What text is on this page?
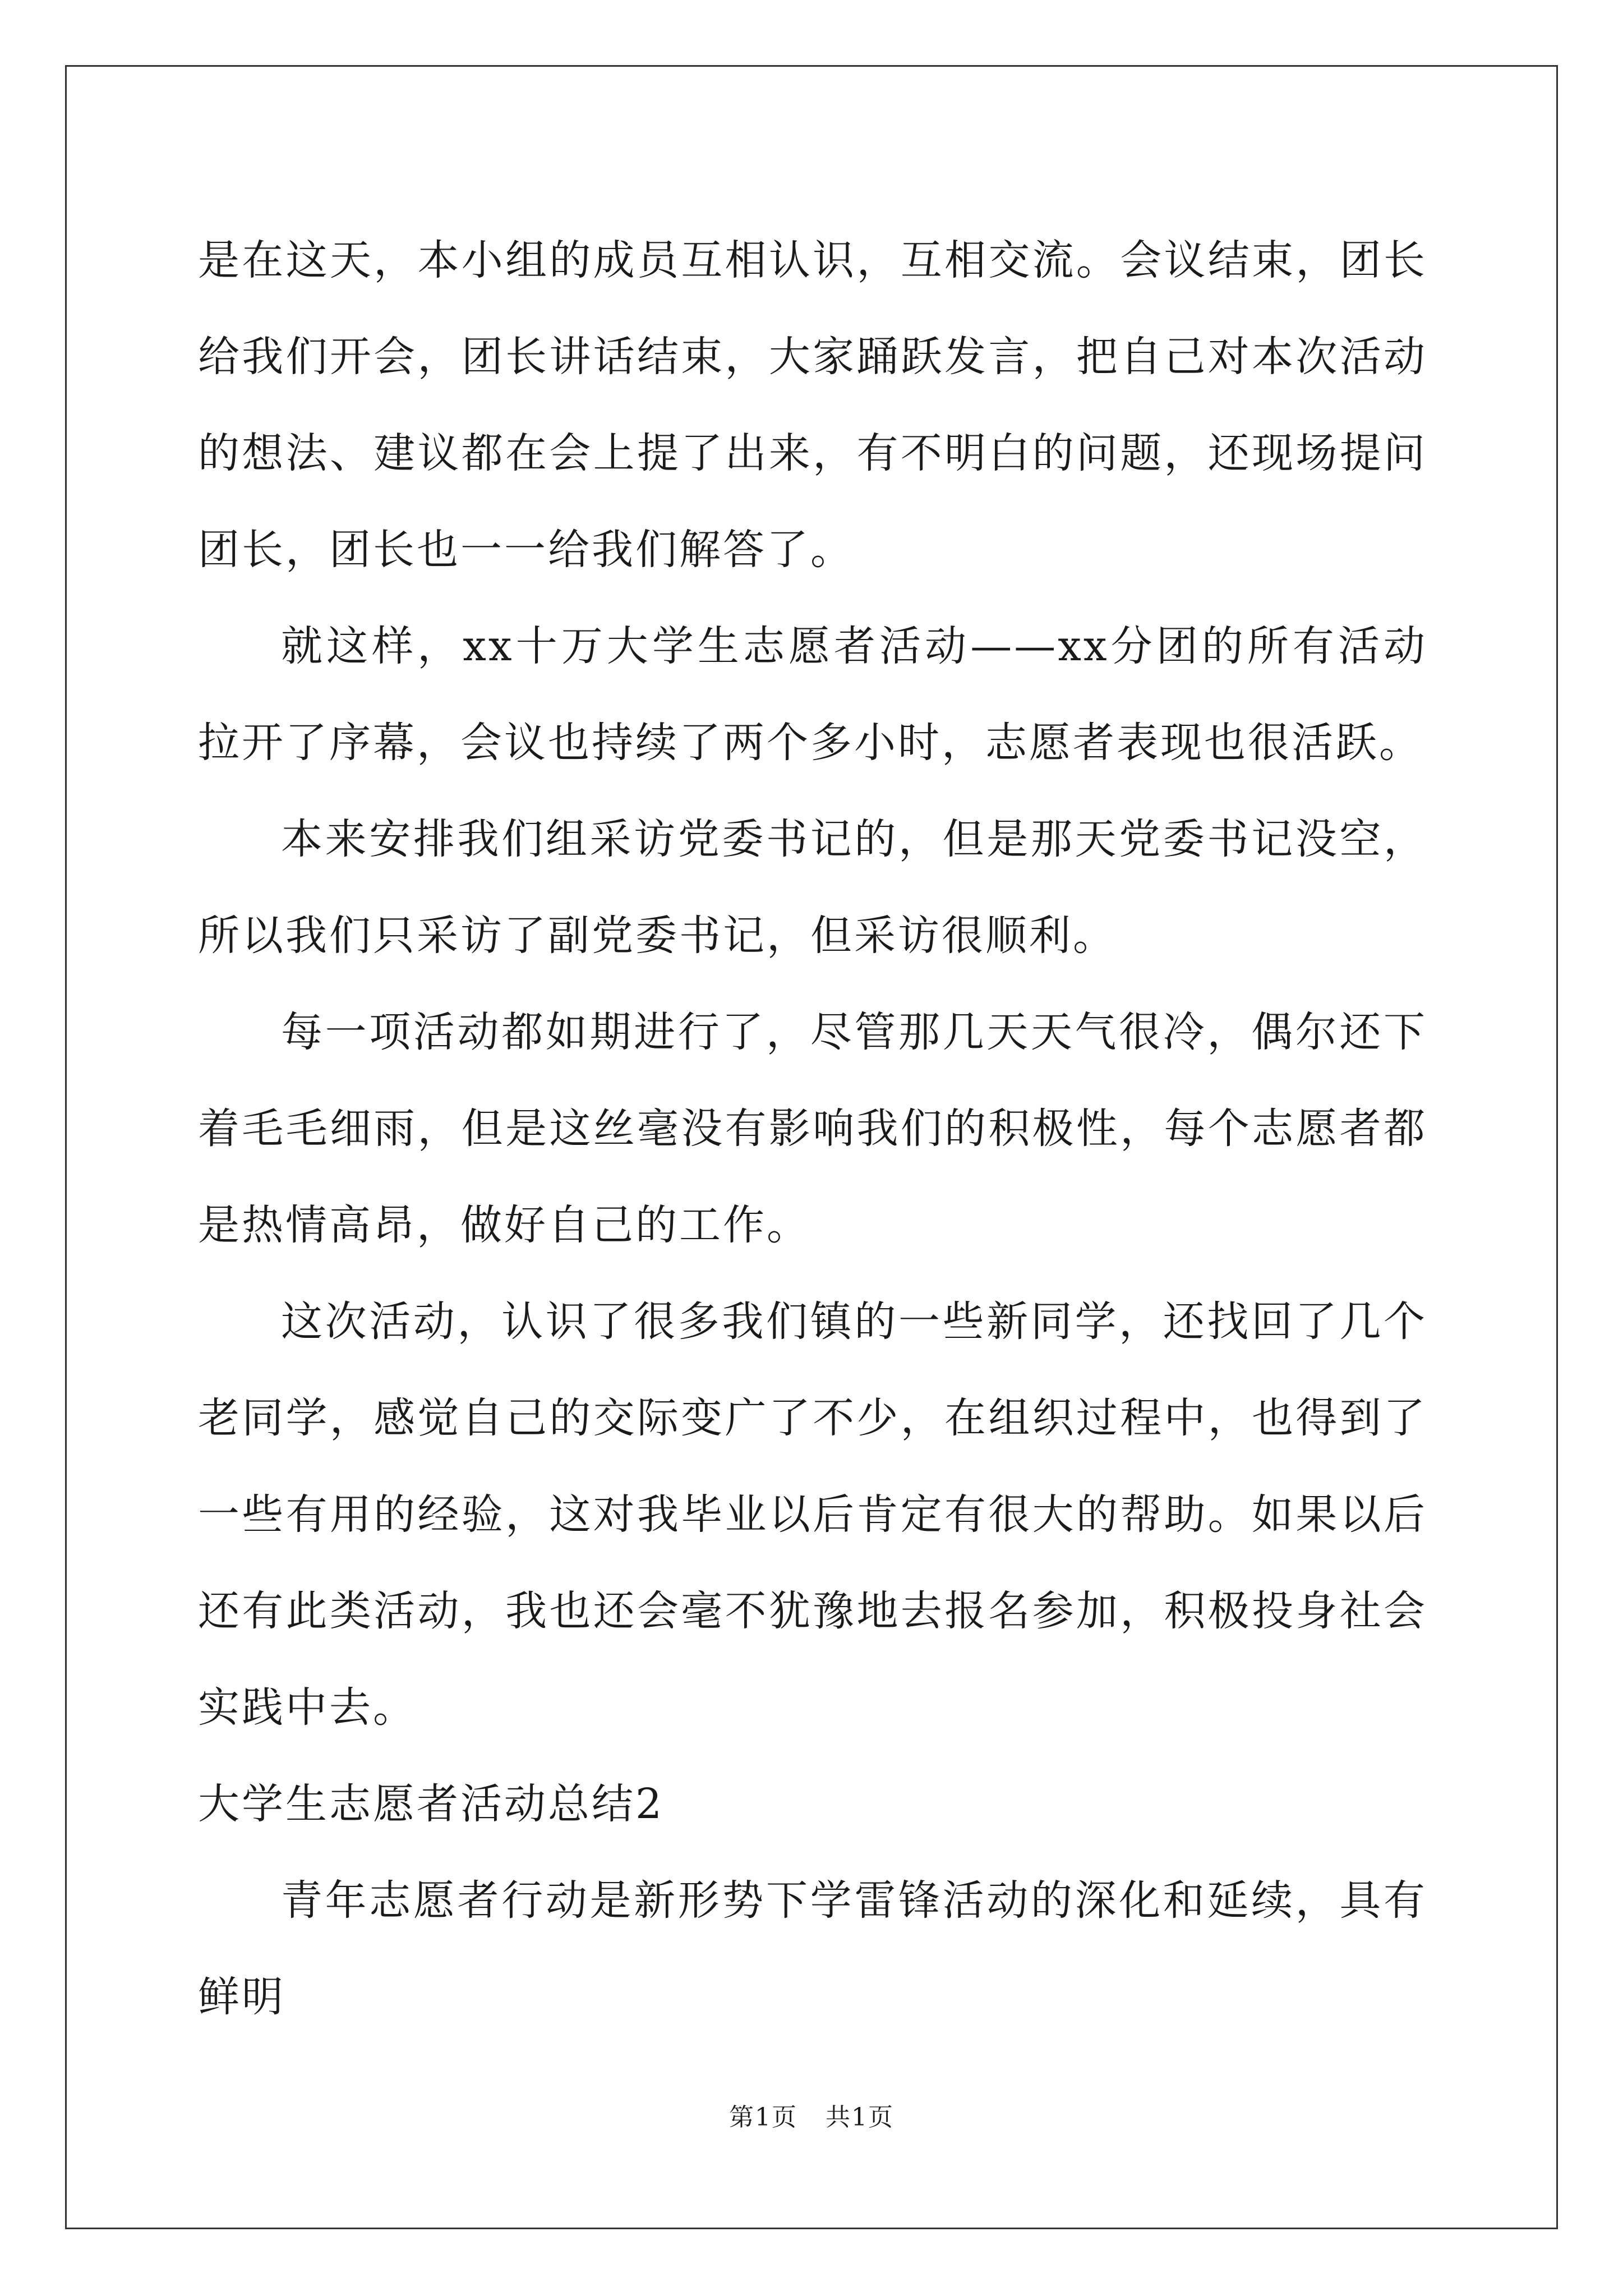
是在这天，本小组的成员互相认识，互相交流。会议结束，团长给我们开会，团长讲话结束，大家踊跃发言，把自己对本次活动的想法、建议都在会上提了出来，有不明白的问题，还现场提问团长，团长也一一给我们解答了。

就这样，xx十万大学生志愿者活动——xx分团的所有活动拉开了序幕，会议也持续了两个多小时，志愿者表现也很活跃。

本来安排我们组采访党委书记的，但是那天党委书记没空，所以我们只采访了副党委书记，但采访很顺利。

每一项活动都如期进行了，尽管那几天天气很冷，偶尔还下着毛毛细雨，但是这丝毫没有影响我们的积极性，每个志愿者都是热情高昂，做好自己的工作。

这次活动，认识了很多我们镇的一些新同学，还找回了几个老同学，感觉自己的交际变广了不少，在组织过程中，也得到了一些有用的经验，这对我毕业以后肯定有很大的帮助。如果以后还有此类活动，我也还会毫不犹豫地去报名参加，积极投身社会实践中去。

大学生志愿者活动总结2

青年志愿者行动是新形势下学雷锋活动的深化和延续，具有鲜明

第1页 共1页
